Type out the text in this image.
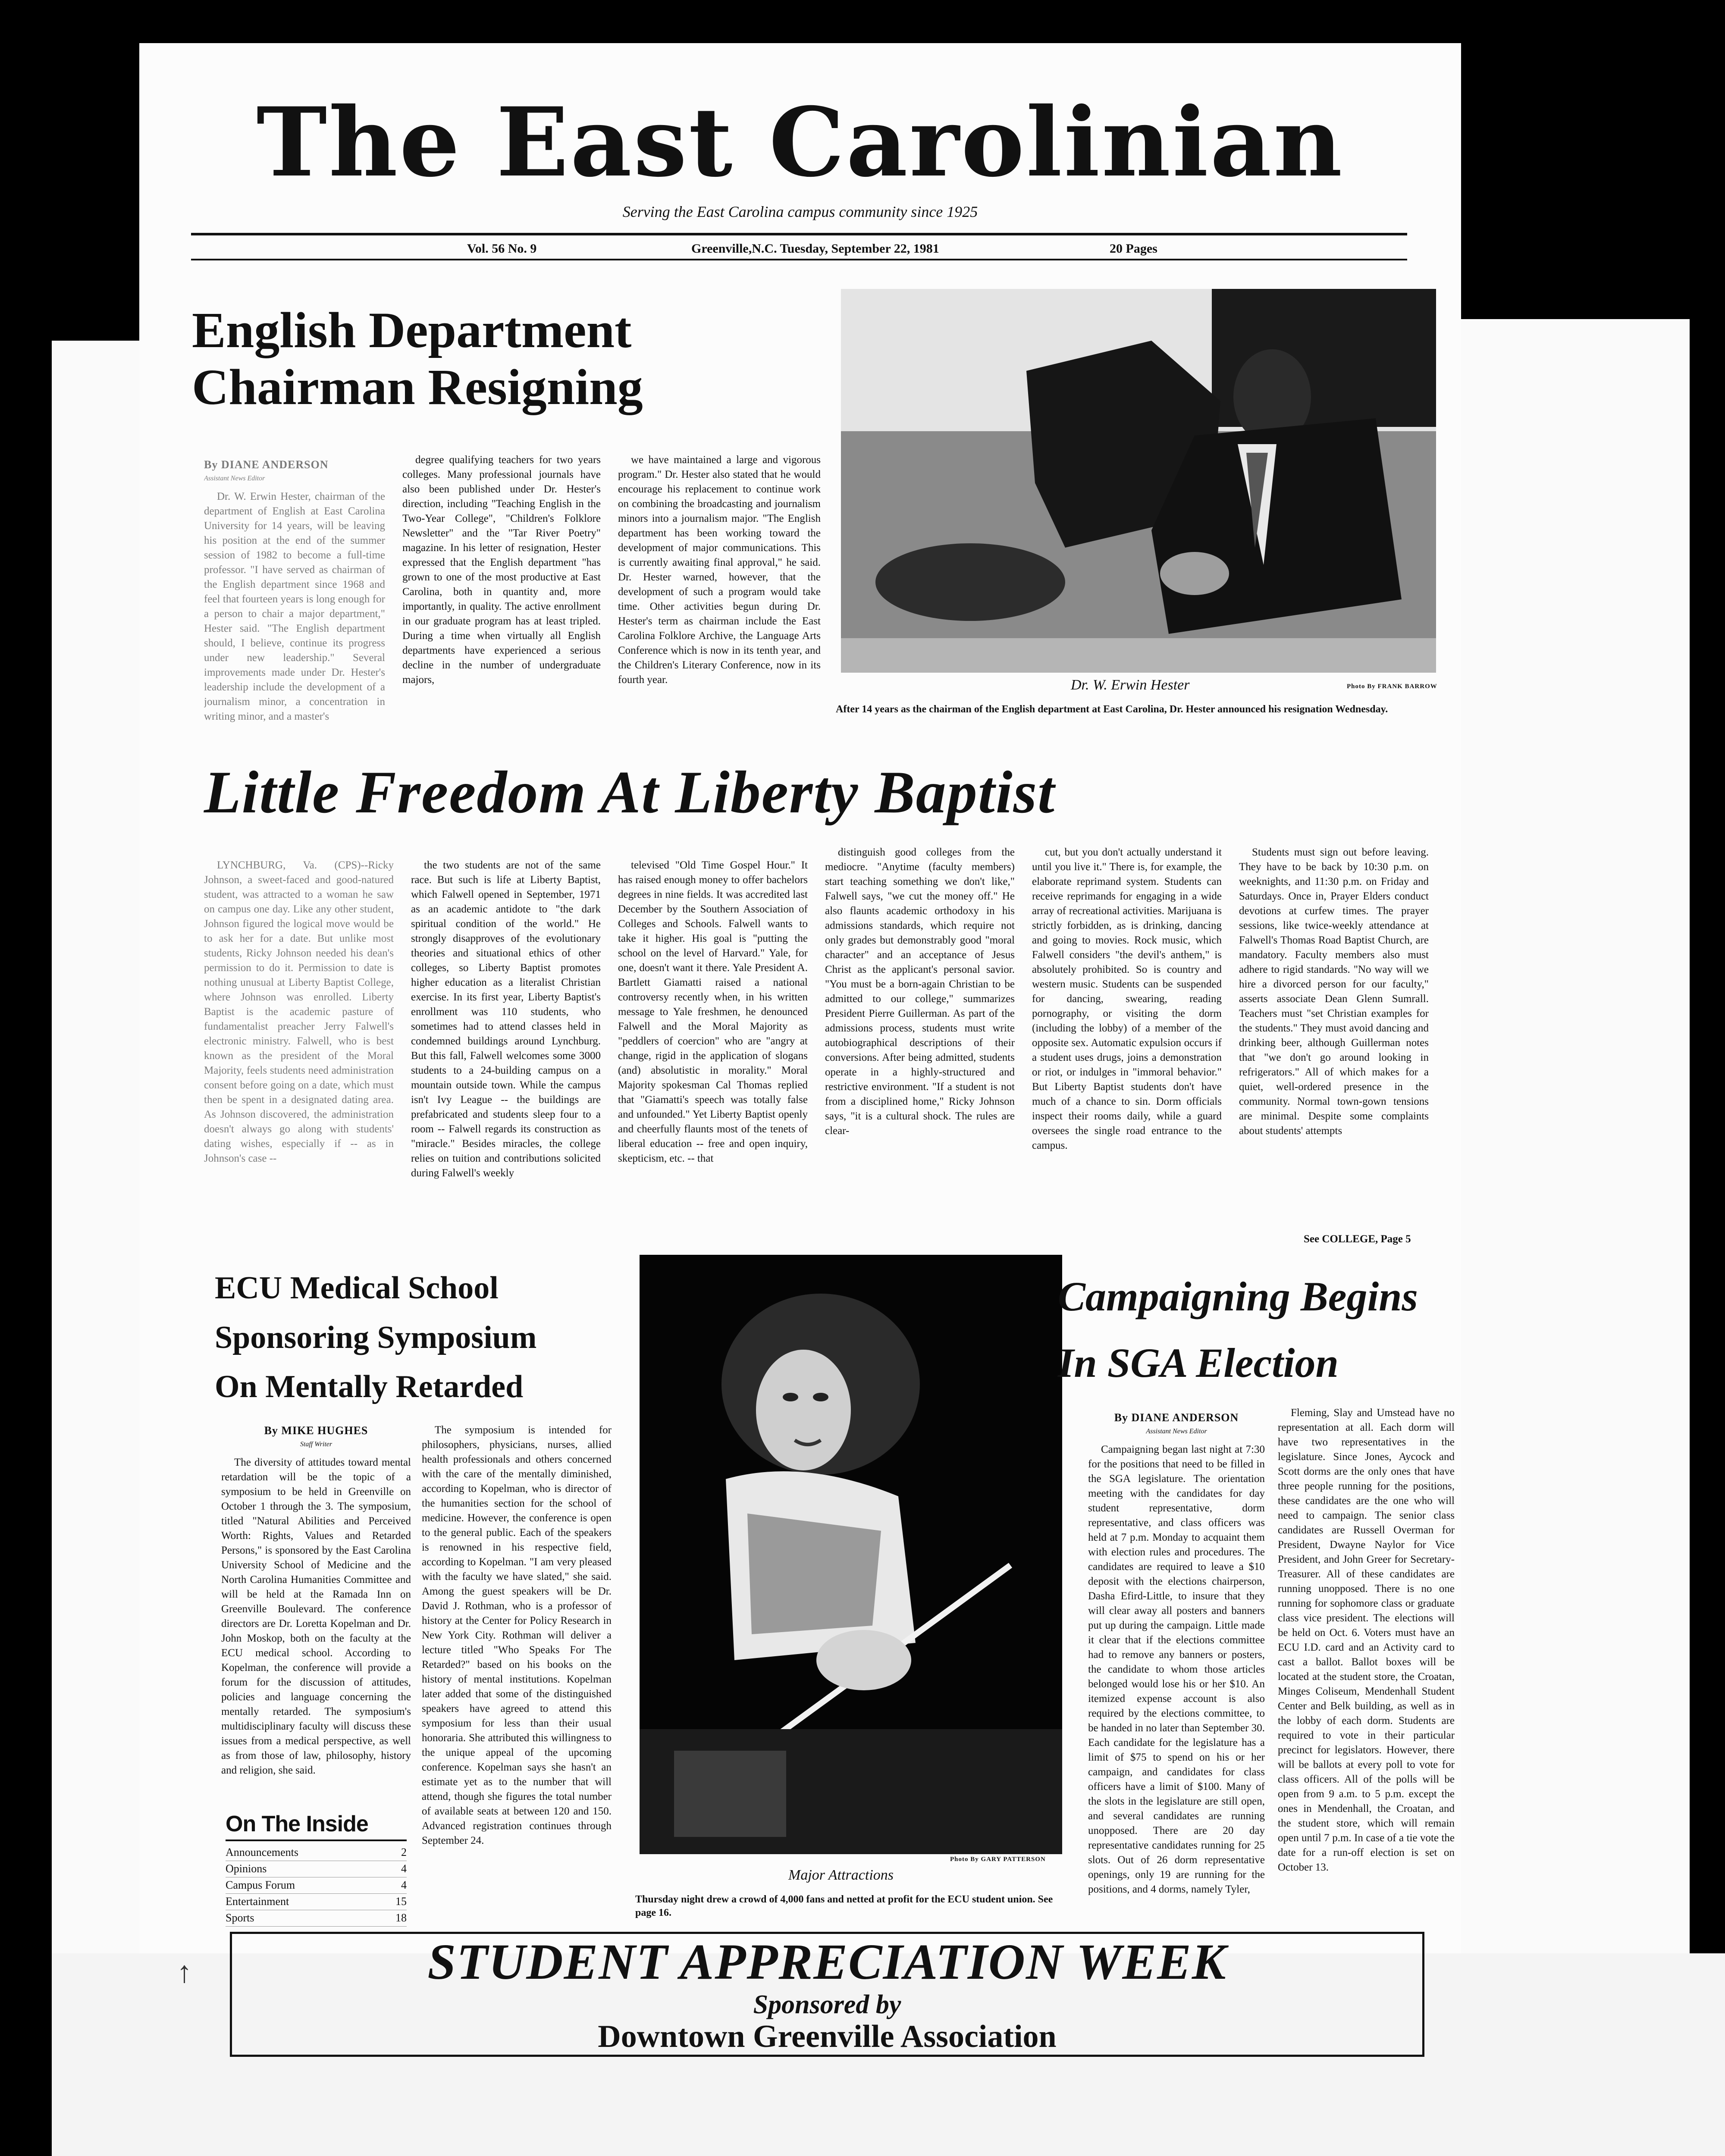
↑
The East Carolinian
Serving the East Carolina campus community since 1925
Vol. 56 No. 9	Greenville,N.C. Tuesday, September 22, 1981	20 Pages
English Department
Chairman Resigning
By DIANE ANDERSON
Assistant News Editor

Dr. W. Erwin Hester, chairman of the department of English at East Carolina University for 14 years, will be leaving his position at the end of the summer session of 1982 to become a full-time professor. "I have served as chairman of the English department since 1968 and feel that fourteen years is long enough for a person to chair a major department," Hester said. "The English department should, I believe, continue its progress under new leadership." Several improvements made under Dr. Hester's leadership include the development of a journalism minor, a concentration in writing minor, and a master's

degree qualifying teachers for two years colleges. Many professional journals have also been published under Dr. Hester's direction, including "Teaching English in the Two-Year College", "Children's Folklore Newsletter" and the "Tar River Poetry" magazine. In his letter of resignation, Hester expressed that the English department "has grown to one of the most productive at East Carolina, both in quantity and, more importantly, in quality. The active enrollment in our graduate program has at least tripled. During a time when virtually all English departments have experienced a serious decline in the number of undergraduate majors,

we have maintained a large and vigorous program." Dr. Hester also stated that he would encourage his replacement to continue work on combining the broadcasting and journalism minors into a journalism major. "The English department has been working toward the development of major communications. This is currently awaiting final approval," he said. Dr. Hester warned, however, that the development of such a program would take time. Other activities begun during Dr. Hester's term as chairman include the East Carolina Folklore Archive, the Language Arts Conference which is now in its tenth year, and the Children's Literary Conference, now in its fourth year.	Dr. W. Erwin Hester	Photo By FRANK BARROW
After 14 years as the chairman of the English department at East Carolina, Dr. Hester announced his resignation Wednesday.
Little Freedom At Liberty Baptist

LYNCHBURG, Va. (CPS)--Ricky Johnson, a sweet-faced and good-natured student, was attracted to a woman he saw on campus one day. Like any other student, Johnson figured the logical move would be to ask her for a date. But unlike most students, Ricky Johnson needed his dean's permission to do it. Permission to date is nothing unusual at Liberty Baptist College, where Johnson was enrolled. Liberty Baptist is the academic pasture of fundamentalist preacher Jerry Falwell's electronic ministry. Falwell, who is best known as the president of the Moral Majority, feels students need administration consent before going on a date, which must then be spent in a designated dating area. As Johnson discovered, the administration doesn't always go along with students' dating wishes, especially if -- as in Johnson's case --

the two students are not of the same race. But such is life at Liberty Baptist, which Falwell opened in September, 1971 as an academic antidote to "the dark spiritual condition of the world." He strongly disapproves of the evolutionary theories and situational ethics of other colleges, so Liberty Baptist promotes higher education as a literalist Christian exercise. In its first year, Liberty Baptist's enrollment was 110 students, who sometimes had to attend classes held in condemned buildings around Lynchburg. But this fall, Falwell welcomes some 3000 students to a 24-building campus on a mountain outside town. While the campus isn't Ivy League -- the buildings are prefabricated and students sleep four to a room -- Falwell regards its construction as "miracle." Besides miracles, the college relies on tuition and contributions solicited during Falwell's weekly

televised "Old Time Gospel Hour." It has raised enough money to offer bachelors degrees in nine fields. It was accredited last December by the Southern Association of Colleges and Schools. Falwell wants to take it higher. His goal is "putting the school on the level of Harvard." Yale, for one, doesn't want it there. Yale President A. Bartlett Giamatti raised a national controversy recently when, in his written message to Yale freshmen, he denounced Falwell and the Moral Majority as "peddlers of coercion" who are "angry at change, rigid in the application of slogans (and) absolutistic in morality." Moral Majority spokesman Cal Thomas replied that "Giamatti's speech was totally false and unfounded." Yet Liberty Baptist openly and cheerfully flaunts most of the tenets of liberal education -- free and open inquiry, skepticism, etc. -- that

distinguish good colleges from the mediocre. "Anytime (faculty members) start teaching something we don't like," Falwell says, "we cut the money off." He also flaunts academic orthodoxy in his admissions standards, which require not only grades but demonstrably good "moral character" and an acceptance of Jesus Christ as the applicant's personal savior. "You must be a born-again Christian to be admitted to our college," summarizes President Pierre Guillerman. As part of the admissions process, students must write autobiographical descriptions of their conversions. After being admitted, students operate in a highly-structured and restrictive environment. "If a student is not from a disciplined home," Ricky Johnson says, "it is a cultural shock. The rules are clear-

cut, but you don't actually understand it until you live it." There is, for example, the elaborate reprimand system. Students can receive reprimands for engaging in a wide array of recreational activities. Marijuana is strictly forbidden, as is drinking, dancing and going to movies. Rock music, which Falwell considers "the devil's anthem," is absolutely prohibited. So is country and western music. Students can be suspended for dancing, swearing, reading pornography, or visiting the dorm (including the lobby) of a member of the opposite sex. Automatic expulsion occurs if a student uses drugs, joins a demonstration or riot, or indulges in "immoral behavior." But Liberty Baptist students don't have much of a chance to sin. Dorm officials inspect their rooms daily, while a guard oversees the single road entrance to the campus.

Students must sign out before leaving. They have to be back by 10:30 p.m. on weeknights, and 11:30 p.m. on Friday and Saturdays. Once in, Prayer Elders conduct devotions at curfew times. The prayer sessions, like twice-weekly attendance at Falwell's Thomas Road Baptist Church, are mandatory. Faculty members also must adhere to rigid standards. "No way will we hire a divorced person for our faculty," asserts associate Dean Glenn Sumrall. Teachers must "set Christian examples for the students." They must avoid dancing and drinking beer, although Guillerman notes that "we don't go around looking in refrigerators." All of which makes for a quiet, well-ordered presence in the community. Normal town-gown tensions are minimal. Despite some complaints about students' attempts

See COLLEGE, Page 5
ECU Medical School
Sponsoring Symposium
On Mentally Retarded
By MIKE HUGHES
Staff Writer

The diversity of attitudes toward mental retardation will be the topic of a symposium to be held in Greenville on October 1 through the 3. The symposium, titled "Natural Abilities and Perceived Worth: Rights, Values and Retarded Persons," is sponsored by the East Carolina University School of Medicine and the North Carolina Humanities Committee and will be held at the Ramada Inn on Greenville Boulevard. The conference directors are Dr. Loretta Kopelman and Dr. John Moskop, both on the faculty at the ECU medical school. According to Kopelman, the conference will provide a forum for the discussion of attitudes, policies and language concerning the mentally retarded. The symposium's multidisciplinary faculty will discuss these issues from a medical perspective, as well as from those of law, philosophy, history and religion, she said.

The symposium is intended for philosophers, physicians, nurses, allied health professionals and others concerned with the care of the mentally diminished, according to Kopelman, who is director of the humanities section for the school of medicine. However, the conference is open to the general public. Each of the speakers is renowned in his respective field, according to Kopelman. "I am very pleased with the faculty we have slated," she said. Among the guest speakers will be Dr. David J. Rothman, who is a professor of history at the Center for Policy Research in New York City. Rothman will deliver a lecture titled "Who Speaks For The Retarded?" based on his books on the history of mental institutions. Kopelman later added that some of the distinguished speakers have agreed to attend this symposium for less than their usual honoraria. She attributed this willingness to the unique appeal of the upcoming conference. Kopelman says she hasn't an estimate yet as to the number that will attend, though she figures the total number of available seats at between 120 and 150. Advanced registration continues through September 24.

On The Inside
Announcements	2
Opinions	4
Campus Forum	4
Entertainment	15
Sports	18
Photo By GARY PATTERSON
Major Attractions
Thursday night drew a crowd of 4,000 fans and netted at profit for the ECU student union. See page 16.
Campaigning Begins
In SGA Election
By DIANE ANDERSON
Assistant News Editor

Campaigning began last night at 7:30 for the positions that need to be filled in the SGA legislature. The orientation meeting with the candidates for day student representative, dorm representative, and class officers was held at 7 p.m. Monday to acquaint them with election rules and procedures. The candidates are required to leave a $10 deposit with the elections chairperson, Dasha Efird-Little, to insure that they will clear away all posters and banners put up during the campaign. Little made it clear that if the elections committee had to remove any banners or posters, the candidate to whom those articles belonged would lose his or her $10. An itemized expense account is also required by the elections committee, to be handed in no later than September 30. Each candidate for the legislature has a limit of $75 to spend on his or her campaign, and candidates for class officers have a limit of $100. Many of the slots in the legislature are still open, and several candidates are running unopposed. There are 20 day representative candidates running for 25 slots. Out of 26 dorm representative openings, only 19 are running for the positions, and 4 dorms, namely Tyler,

Fleming, Slay and Umstead have no representation at all. Each dorm will have two representatives in the legislature. Since Jones, Aycock and Scott dorms are the only ones that have three people running for the positions, these candidates are the one who will need to campaign. The senior class candidates are Russell Overman for President, Dwayne Naylor for Vice President, and John Greer for Secretary-Treasurer. All of these candidates are running unopposed. There is no one running for sophomore class or graduate class vice president. The elections will be held on Oct. 6. Voters must have an ECU I.D. card and an Activity card to cast a ballot. Ballot boxes will be located at the student store, the Croatan, Minges Coliseum, Mendenhall Student Center and Belk building, as well as in the lobby of each dorm. Students are required to vote in their particular precinct for legislators. However, there will be ballots at every poll to vote for class officers. All of the polls will be open from 9 a.m. to 5 p.m. except the ones in Mendenhall, the Croatan, and the student store, which will remain open until 7 p.m. In case of a tie vote the date for a run-off election is set on October 13.

STUDENT APPRECIATION WEEK
Sponsored by
Downtown Greenville Association
